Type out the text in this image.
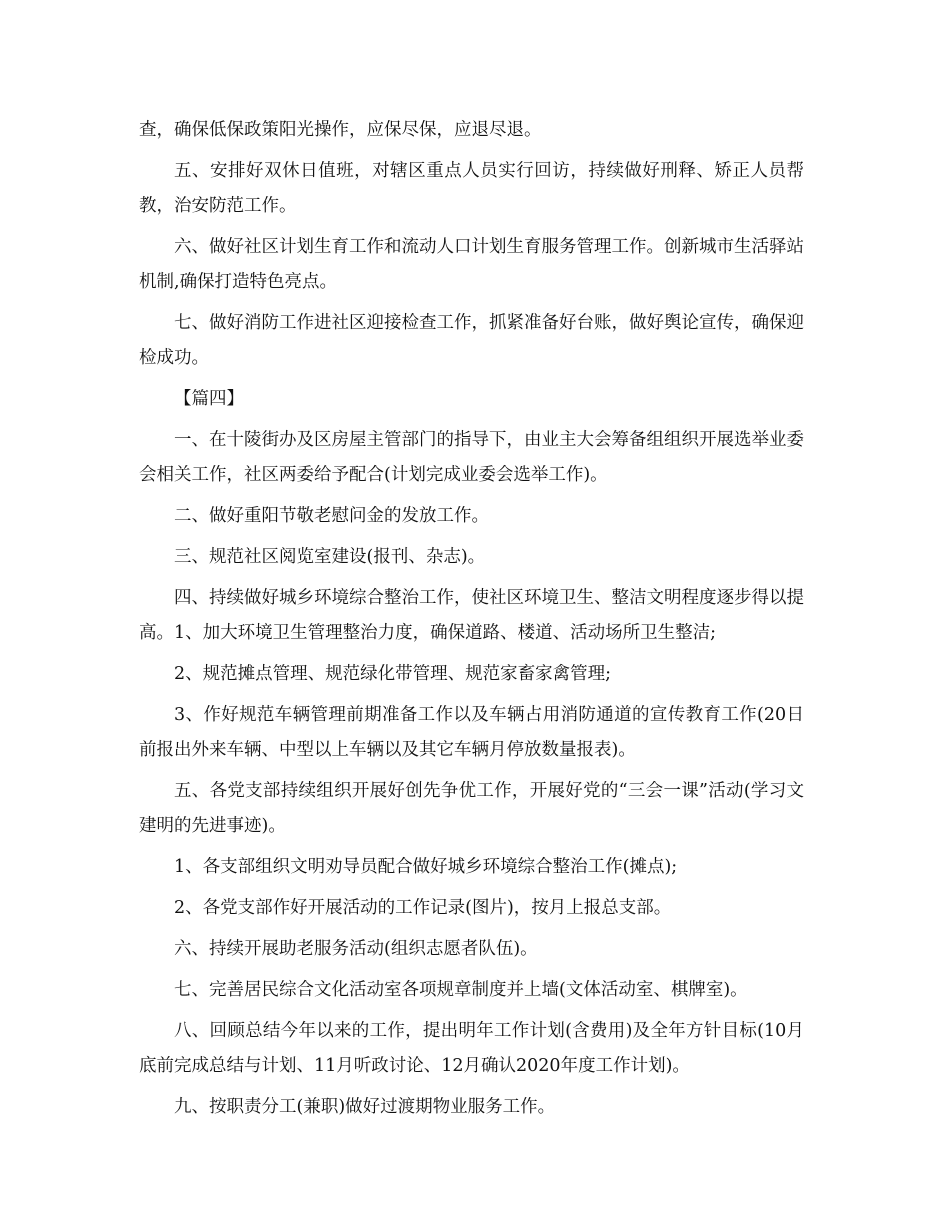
查，确保低保政策阳光操作，应保尽保，应退尽退。

五、安排好双休日值班，对辖区重点人员实行回访，持续做好刑释、矫正人员帮教，治安防范工作。

六、做好社区计划生育工作和流动人口计划生育服务管理工作。创新城市生活驿站机制,确保打造特色亮点。

七、做好消防工作进社区迎接检查工作，抓紧准备好台账，做好舆论宣传，确保迎检成功。

【篇四】

一、在十陵街办及区房屋主管部门的指导下，由业主大会筹备组组织开展选举业委会相关工作，社区两委给予配合(计划完成业委会选举工作)。

二、做好重阳节敬老慰问金的发放工作。

三、规范社区阅览室建设(报刊、杂志)。

四、持续做好城乡环境综合整治工作，使社区环境卫生、整洁文明程度逐步得以提高。1、加大环境卫生管理整治力度，确保道路、楼道、活动场所卫生整洁;

2、规范摊点管理、规范绿化带管理、规范家畜家禽管理;

3、作好规范车辆管理前期准备工作以及车辆占用消防通道的宣传教育工作(20日前报出外来车辆、中型以上车辆以及其它车辆月停放数量报表)。

五、各党支部持续组织开展好创先争优工作，开展好党的“三会一课”活动(学习文建明的先进事迹)。

1、各支部组织文明劝导员配合做好城乡环境综合整治工作(摊点);

2、各党支部作好开展活动的工作记录(图片)，按月上报总支部。

六、持续开展助老服务活动(组织志愿者队伍)。

七、完善居民综合文化活动室各项规章制度并上墙(文体活动室、棋牌室)。

八、回顾总结今年以来的工作，提出明年工作计划(含费用)及全年方针目标(10月底前完成总结与计划、11月听政讨论、12月确认2020年度工作计划)。

九、按职责分工(兼职)做好过渡期物业服务工作。
